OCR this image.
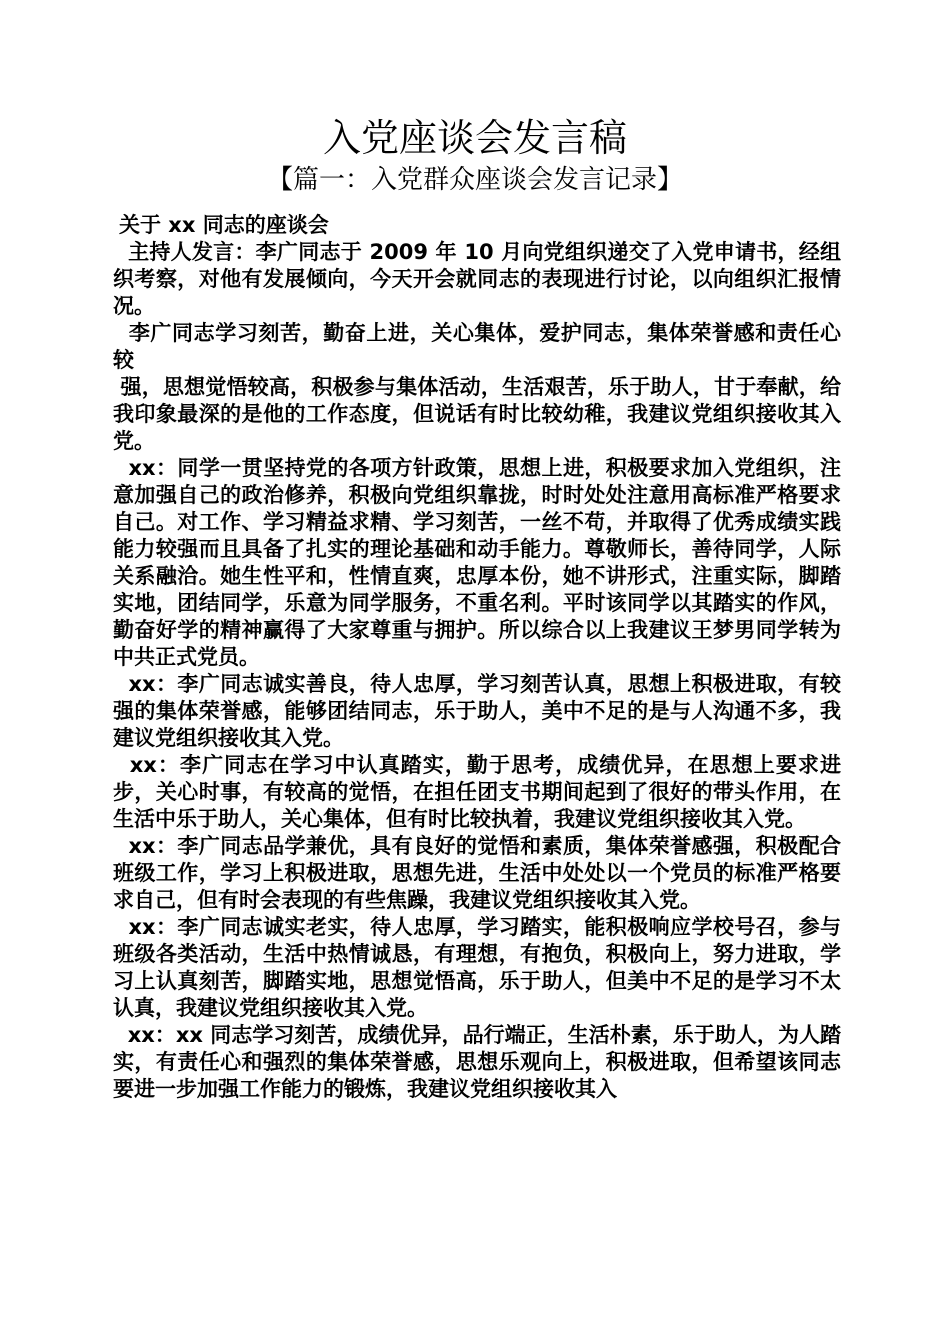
入党座谈会发言稿
【篇一：入党群众座谈会发言记录】

关于 xx 同志的座谈会

主持人发言：李广同志于 2009 年 10 月向党组织递交了入党申请书，经组织考察，对他有发展倾向，今天开会就同志的表现进行讨论，以向组织汇报情况。

李广同志学习刻苦，勤奋上进，关心集体，爱护同志，集体荣誉感和责任心较

强，思想觉悟较高，积极参与集体活动，生活艰苦，乐于助人，甘于奉献，给我印象最深的是他的工作态度，但说话有时比较幼稚，我建议党组织接收其入党。

xx：同学一贯坚持党的各项方针政策，思想上进，积极要求加入党组织，注意加强自己的政治修养，积极向党组织靠拢，时时处处注意用高标准严格要求自己。对工作、学习精益求精、学习刻苦，一丝不苟，并取得了优秀成绩实践能力较强而且具备了扎实的理论基础和动手能力。尊敬师长，善待同学，人际关系融洽。她生性平和，性情直爽，忠厚本份，她不讲形式，注重实际，脚踏实地，团结同学，乐意为同学服务，不重名利。平时该同学以其踏实的作风，勤奋好学的精神赢得了大家尊重与拥护。所以综合以上我建议王梦男同学转为中共正式党员。

xx：李广同志诚实善良，待人忠厚，学习刻苦认真，思想上积极进取，有较强的集体荣誉感，能够团结同志，乐于助人，美中不足的是与人沟通不多，我建议党组织接收其入党。

xx：李广同志在学习中认真踏实，勤于思考，成绩优异，在思想上要求进步，关心时事，有较高的觉悟，在担任团支书期间起到了很好的带头作用，在生活中乐于助人，关心集体，但有时比较执着，我建议党组织接收其入党。

xx：李广同志品学兼优，具有良好的觉悟和素质，集体荣誉感强，积极配合班级工作，学习上积极进取，思想先进，生活中处处以一个党员的标准严格要求自己，但有时会表现的有些焦躁，我建议党组织接收其入党。

xx：李广同志诚实老实，待人忠厚，学习踏实，能积极响应学校号召，参与班级各类活动，生活中热情诚恳，有理想，有抱负，积极向上，努力进取，学习上认真刻苦，脚踏实地，思想觉悟高，乐于助人，但美中不足的是学习不太认真，我建议党组织接收其入党。

xx：xx 同志学习刻苦，成绩优异，品行端正，生活朴素，乐于助人，为人踏实，有责任心和强烈的集体荣誉感，思想乐观向上，积极进取，但希望该同志要进一步加强工作能力的锻炼，我建议党组织接收其入
